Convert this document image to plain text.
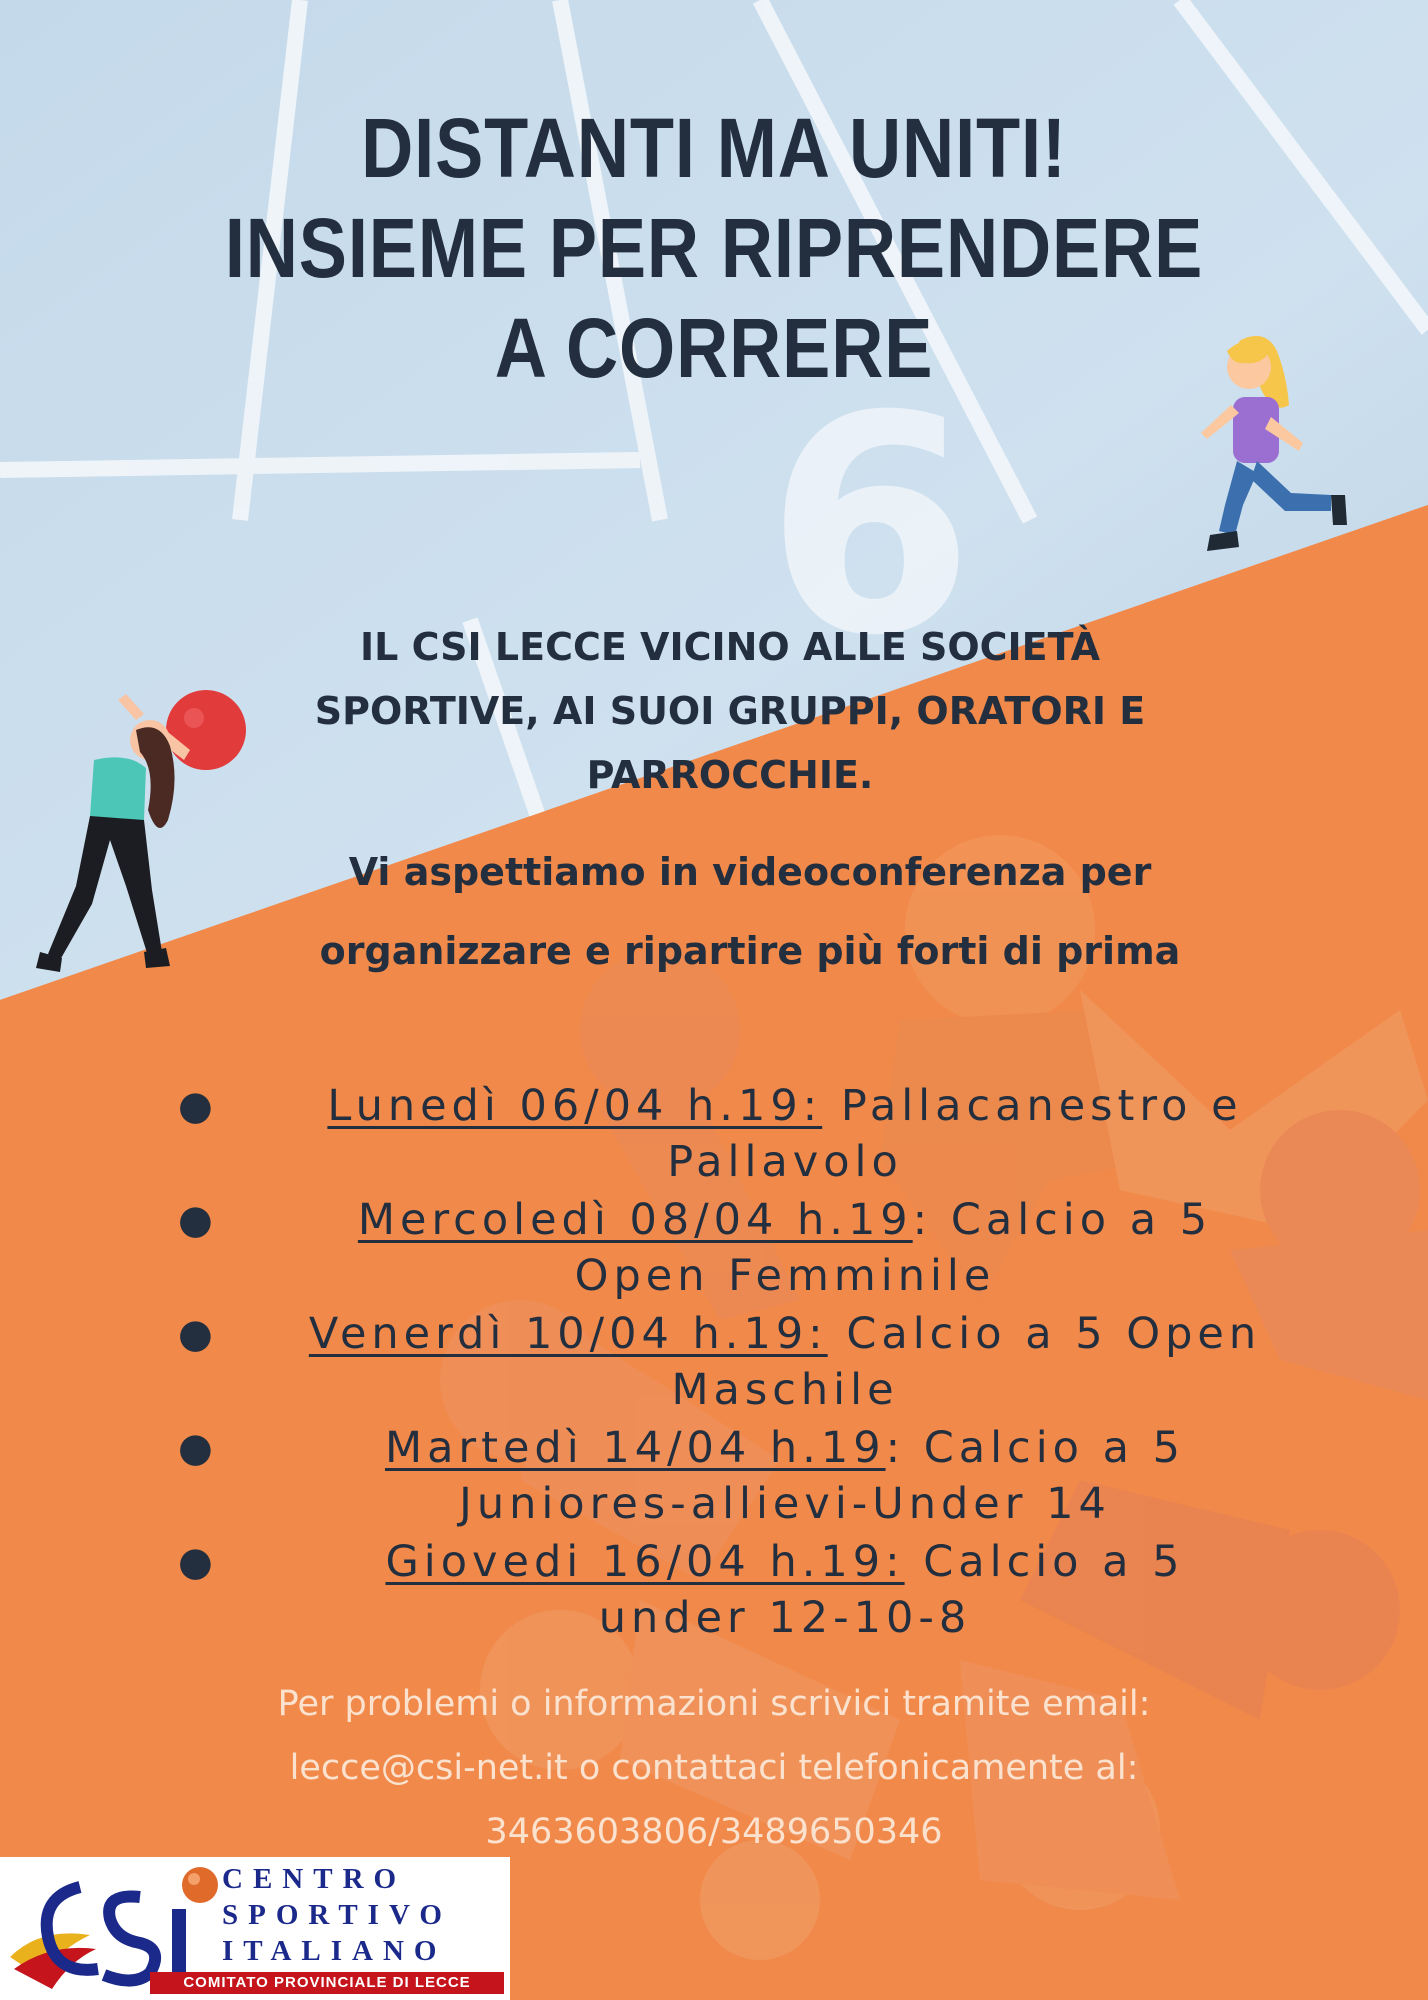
6
DISTANTI MA UNITI!
INSIEME PER RIPRENDERE
A CORRERE
IL CSI LECCE VICINO ALLE SOCIETÀ
SPORTIVE, AI SUOI GRUPPI, ORATORI E
PARROCCHIE.
Vi aspettiamo in videoconferenza per
organizzare e ripartire più forti di prima
●	Lunedì 06/04 h.19: Pallacanestro e
Pallavolo
●	Mercoledì 08/04 h.19: Calcio a 5
Open Femminile
●	Venerdì 10/04 h.19: Calcio a 5 Open
Maschile
●	Martedì 14/04 h.19: Calcio a 5
Juniores-allievi-Under 14
●	Giovedi 16/04 h.19: Calcio a 5
under 12-10-8
Per problemi o informazioni scrivici tramite email:
lecce@csi-net.it o contattaci telefonicamente al:
3463603806/3489650346
CENTRO
SPORTIVO
ITALIANO
COMITATO PROVINCIALE DI LECCE
